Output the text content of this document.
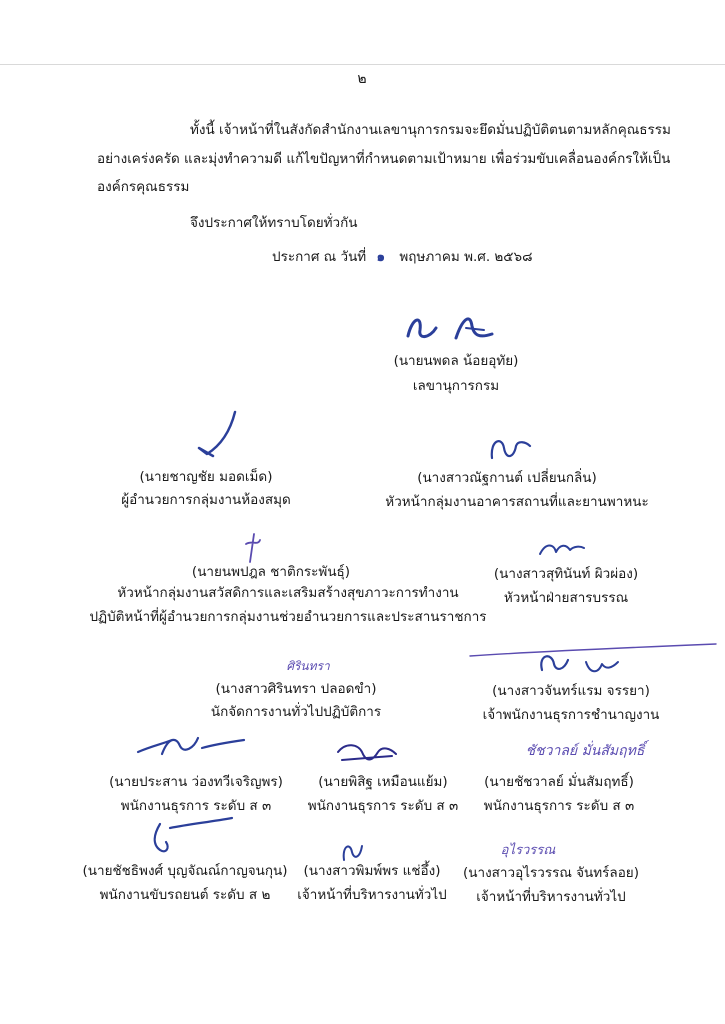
๒
ทั้งนี้ เจ้าหน้าที่ในสังกัดสำนักงานเลขานุการกรมจะยึดมั่นปฏิบัติตนตามหลักคุณธรรม
อย่างเคร่งครัด และมุ่งทำความดี แก้ไขปัญหาที่กำหนดตามเป้าหมาย เพื่อร่วมขับเคลื่อนองค์กรให้เป็น
องค์กรคุณธรรม
จึงประกาศให้ทราบโดยทั่วกัน
ประกาศ ณ วันที่ ๑ พฤษภาคม พ.ศ. ๒๕๖๘
(นายนพดล น้อยอุทัย)
เลขานุการกรม
(นายชาญชัย มอดเม็ด)
ผู้อำนวยการกลุ่มงานห้องสมุด
(นางสาวณัฐกานต์ เปลี่ยนกลิ่น)
หัวหน้ากลุ่มงานอาคารสถานที่และยานพาหนะ
(นายนพปฎล ชาติกระพันธุ์)
หัวหน้ากลุ่มงานสวัสดิการและเสริมสร้างสุขภาวะการทำงาน
ปฏิบัติหน้าที่ผู้อำนวยการกลุ่มงานช่วยอำนวยการและประสานราชการ
(นางสาวสุทินันท์ ผิวผ่อง)
หัวหน้าฝ่ายสารบรรณ
ศิรินทรา
(นางสาวศิรินทรา ปลอดขำ)
นักจัดการงานทั่วไปปฏิบัติการ
(นางสาวจันทร์แรม จรรยา)
เจ้าพนักงานธุรการชำนาญงาน
(นายประสาน ว่องทวีเจริญพร)
พนักงานธุรการ ระดับ ส ๓
(นายพิสิฐ เหมือนแย้ม)
พนักงานธุรการ ระดับ ส ๓
ชัชวาลย์ มั่นสัมฤทธิ์
(นายชัชวาลย์ มั่นสัมฤทธิ์)
พนักงานธุรการ ระดับ ส ๓
(นายชัชธิพงศ์ บุญจัณณ์กาญจนกุน)
พนักงานขับรถยนต์ ระดับ ส ๒
(นางสาวพิมพ์พร แช่อึ้ง)
เจ้าหน้าที่บริหารงานทั่วไป
อุไรวรรณ
(นางสาวอุไรวรรณ จันทร์ลอย)
เจ้าหน้าที่บริหารงานทั่วไป
